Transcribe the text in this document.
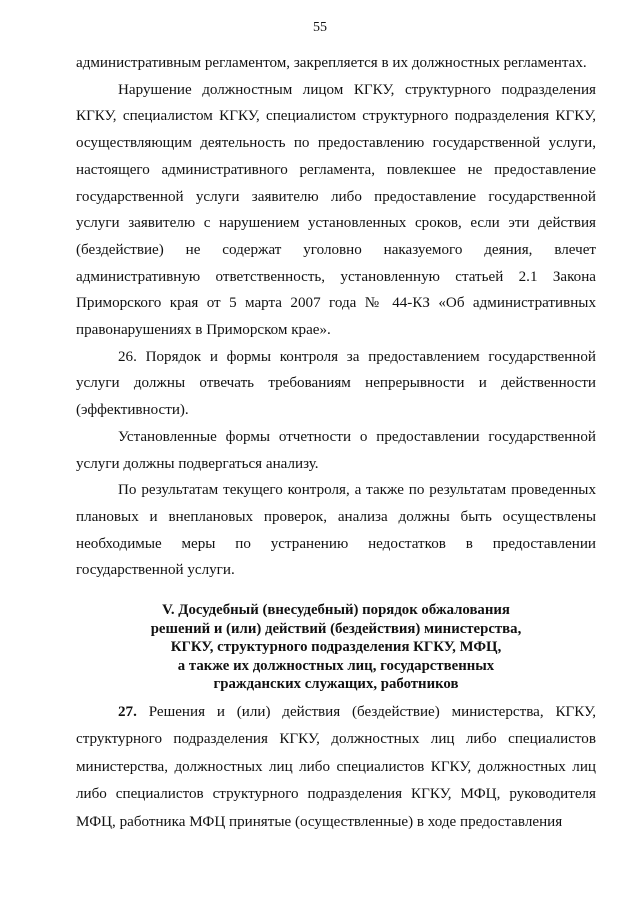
55

административным регламентом, закрепляется в их должностных регламентах.

Нарушение должностным лицом КГКУ, структурного подразделения КГКУ, специалистом КГКУ, специалистом структурного подразделения КГКУ, осуществляющим деятельность по предоставлению государственной услуги, настоящего административного регламента, повлекшее не предоставление государственной услуги заявителю либо предоставление государственной услуги заявителю с нарушением установленных сроков, если эти действия (бездействие) не содержат уголовно наказуемого деяния, влечет административную ответственность, установленную статьей 2.1 Закона Приморского края от 5 марта 2007 года № 44-КЗ «Об административных правонарушениях в Приморском крае».

26. Порядок и формы контроля за предоставлением государственной услуги должны отвечать требованиям непрерывности и действенности (эффективности).

Установленные формы отчетности о предоставлении государственной услуги должны подвергаться анализу.

По результатам текущего контроля, а также по результатам проведенных плановых и внеплановых проверок, анализа должны быть осуществлены необходимые меры по устранению недостатков в предоставлении государственной услуги.

V. Досудебный (внесудебный) порядок обжалования
решений и (или) действий (бездействия) министерства,
КГКУ, структурного подразделения КГКУ, МФЦ,
а также их должностных лиц, государственных
гражданских служащих, работников

27. Решения и (или) действия (бездействие) министерства, КГКУ, структурного подразделения КГКУ, должностных лиц либо специалистов министерства, должностных лиц либо специалистов КГКУ, должностных лиц либо специалистов структурного подразделения КГКУ, МФЦ, руководителя МФЦ, работника МФЦ принятые (осуществленные) в ходе предоставления
